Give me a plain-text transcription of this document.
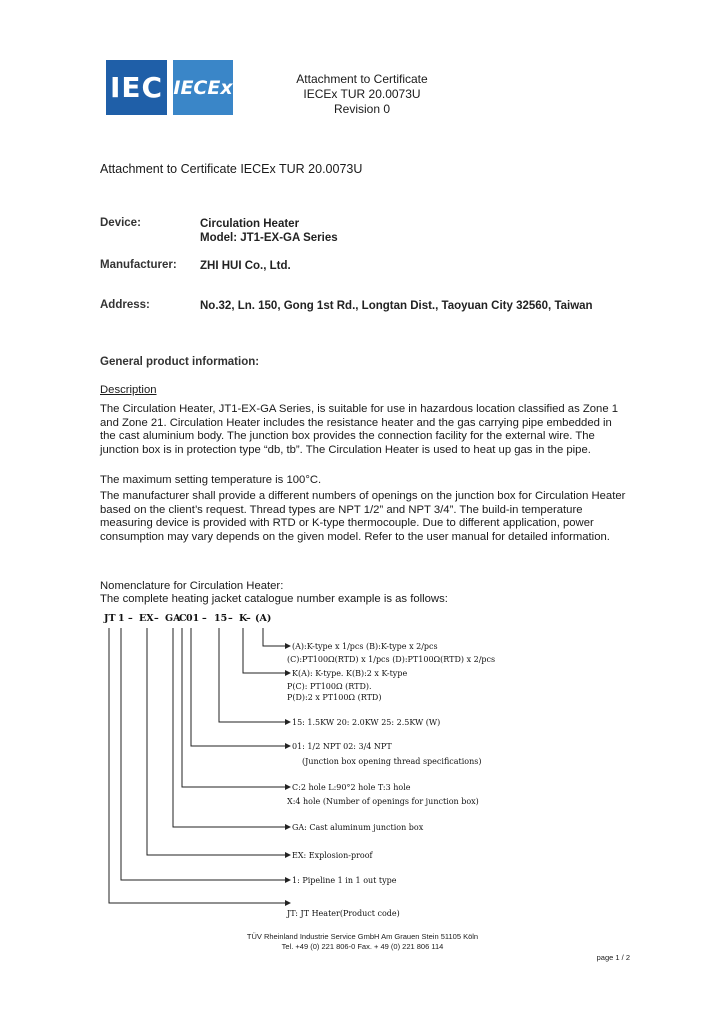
IEC IECEx	Attachment to Certificate
IECEx TUR 20.0073U
Revision 0
Attachment to Certificate IECEx TUR 20.0073U
Device:	Circulation Heater
Model: JT1-EX-GA Series
Manufacturer: ZHI HUI Co., Ltd.
Address:	No.32, Ln. 150, Gong 1st Rd., Longtan Dist., Taoyuan City 32560, Taiwan
General product information:
Description
The Circulation Heater, JT1-EX-GA Series, is suitable for use in hazardous location classified as Zone 1 and Zone 21. Circulation Heater includes the resistance heater and the gas carrying pipe embedded in the cast aluminium body. The junction box provides the connection facility for the external wire. The junction box is in protection type “db, tb”. The Circulation Heater is used to heat up gas in the pipe.
The maximum setting temperature is 100°C.
The manufacturer shall provide a different numbers of openings on the junction box for Circulation Heater based on the client’s request. Thread types are NPT 1/2” and NPT 3/4”. The build-in temperature measuring device is provided with RTD or K-type thermocouple. Due to different application, power consumption may vary depends on the given model. Refer to the user manual for detailed information.
Nomenclature for Circulation Heater:
The complete heating jacket catalogue number example is as follows:
JT 1 – EX – GA
C 01 – 15 – K
– (A)
(A):K-type x 1/pcs (B):K-type x 2/pcs
(C):PT100Ω(RTD) x 1/pcs (D):PT100Ω(RTD) x 2/pcs
K(A): K-type. K(B):2 x K-type
P(C): PT100Ω (RTD).
P(D):2 x PT100Ω (RTD)
15: 1.5KW 20: 2.0KW 25: 2.5KW (W)
01: 1/2 NPT 02: 3/4 NPT
(Junction box opening thread specifications)
C:2 hole L:90°2 hole T:3 hole
X:4 hole (Number of openings for junction box)
GA: Cast aluminum junction box
EX: Explosion-proof
1: Pipeline 1 in 1 out type
JT: JT Heater(Product code)
TÜV Rheinland Industrie Service GmbH Am Grauen Stein 51105 Köln
Tel. +49 (0) 221 806-0 Fax. + 49 (0) 221 806 114
page 1 / 2
